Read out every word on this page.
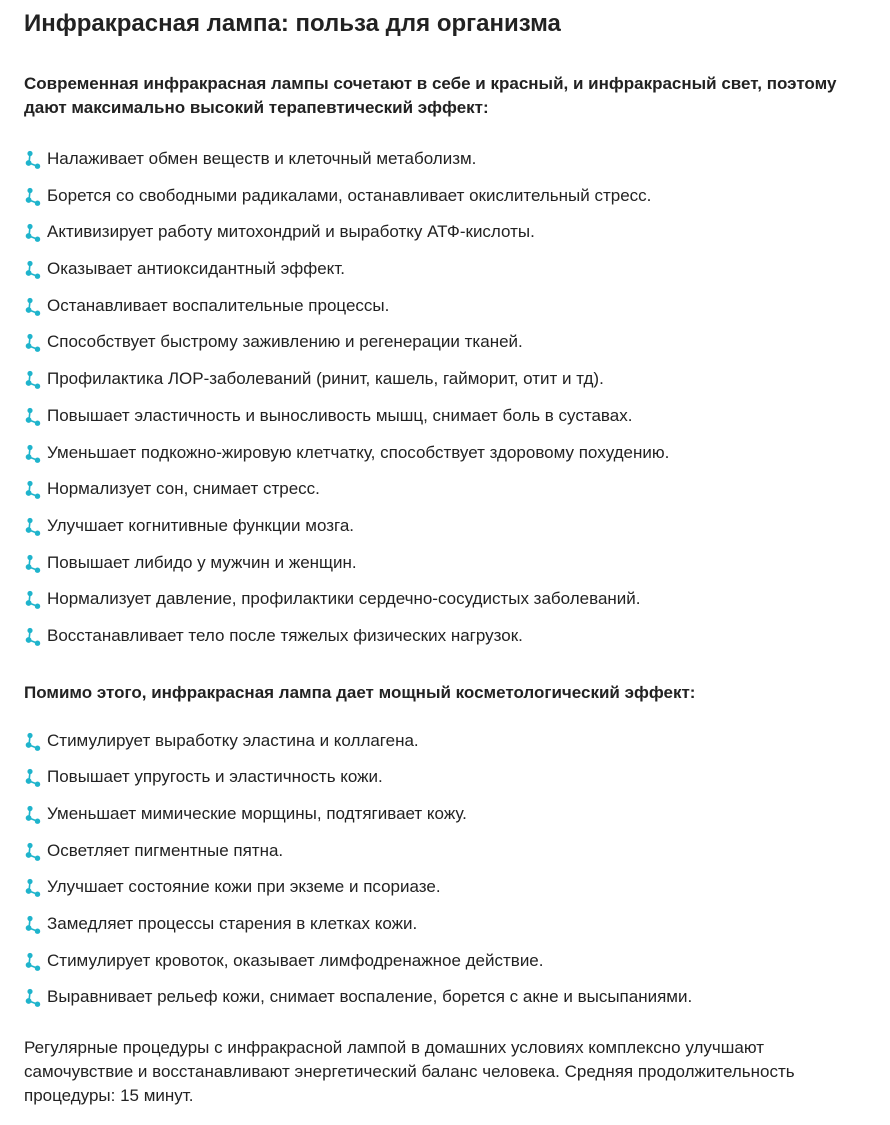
Инфракрасная лампа: польза для организма

Современная инфракрасная лампы сочетают в себе и красный, и инфракрасный свет, поэтому дают максимально высокий терапевтический эффект:

Налаживает обмен веществ и клеточный метаболизм.
Борется со свободными радикалами, останавливает окислительный стресс.
Активизирует работу митохондрий и выработку АТФ-кислоты.
Оказывает антиоксидантный эффект.
Останавливает воспалительные процессы.
Способствует быстрому заживлению и регенерации тканей.
Профилактика ЛОР-заболеваний (ринит, кашель, гайморит, отит и тд).
Повышает эластичность и выносливость мышц, снимает боль в суставах.
Уменьшает подкожно-жировую клетчатку, способствует здоровому похудению.
Нормализует сон, снимает стресс.
Улучшает когнитивные функции мозга.
Повышает либидо у мужчин и женщин.
Нормализует давление, профилактики сердечно-сосудистых заболеваний.
Восстанавливает тело после тяжелых физических нагрузок.

Помимо этого, инфракрасная лампа дает мощный косметологический эффект:

Стимулирует выработку эластина и коллагена.
Повышает упругость и эластичность кожи.
Уменьшает мимические морщины, подтягивает кожу.
Осветляет пигментные пятна.
Улучшает состояние кожи при экземе и псориазе.
Замедляет процессы старения в клетках кожи.
Стимулирует кровоток, оказывает лимфодренажное действие.
Выравнивает рельеф кожи, снимает воспаление, борется с акне и высыпаниями.

Регулярные процедуры с инфракрасной лампой в домашних условиях комплексно улучшают самочувствие и восстанавливают энергетический баланс человека. Средняя продолжительность процедуры: 15 минут.
